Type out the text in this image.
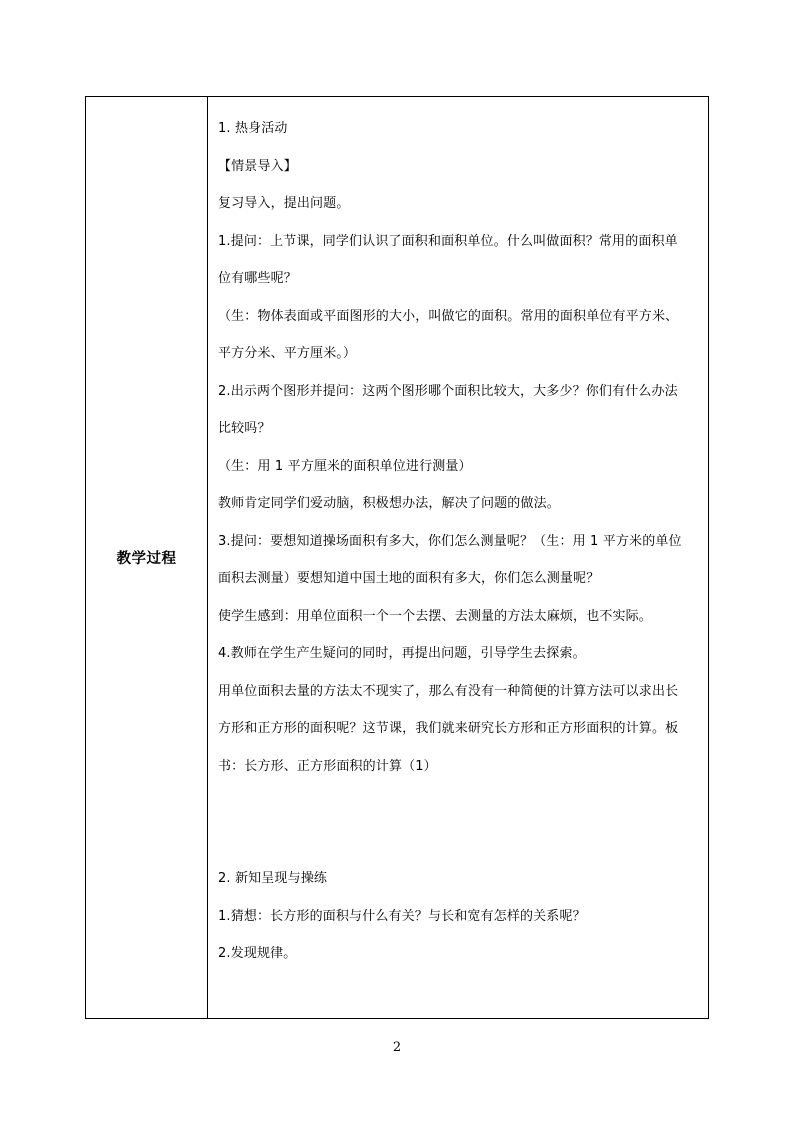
教学过程
1. 热身活动
【情景导入】
复习导入，提出问题。
1.提问：上节课，同学们认识了面积和面积单位。什么叫做面积？常用的面积单
位有哪些呢？
（生：物体表面或平面图形的大小，叫做它的面积。常用的面积单位有平方米、
平方分米、平方厘米。）
2.出示两个图形并提问：这两个图形哪个面积比较大，大多少？你们有什么办法
比较吗？
（生：用 1 平方厘米的面积单位进行测量）
教师肯定同学们爱动脑，积极想办法，解决了问题的做法。
3.提问：要想知道操场面积有多大，你们怎么测量呢？（生：用 1 平方米的单位
面积去测量）要想知道中国土地的面积有多大，你们怎么测量呢？
使学生感到：用单位面积一个一个去摆、去测量的方法太麻烦，也不实际。
4.教师在学生产生疑问的同时，再提出问题，引导学生去探索。
用单位面积去量的方法太不现实了，那么有没有一种简便的计算方法可以求出长
方形和正方形的面积呢？这节课，我们就来研究长方形和正方形面积的计算。板
书：长方形、正方形面积的计算（1）
2. 新知呈现与操练
1.猜想：长方形的面积与什么有关？与长和宽有怎样的关系呢？
2.发现规律。
2
